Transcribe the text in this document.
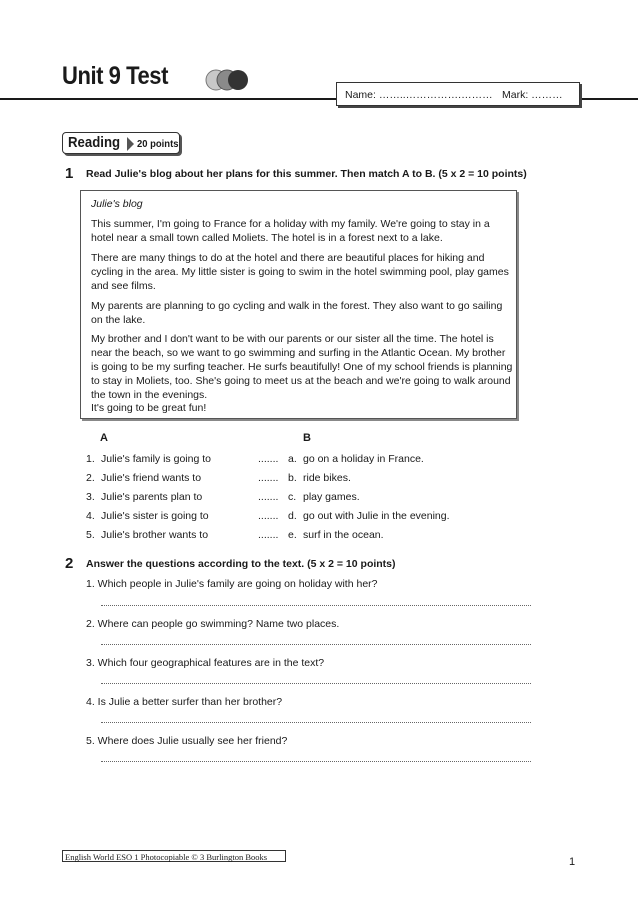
Unit 9 Test
Name: ……..…………….……… Mark: ………
Reading 20 points
1 Read Julie's blog about her plans for this summer. Then match A to B. (5 x 2 = 10 points)
Julie's blog
This summer, I'm going to France for a holiday with my family. We're going to stay in a hotel near a small town called Moliets. The hotel is in a forest next to a lake.
There are many things to do at the hotel and there are beautiful places for hiking and cycling in the area. My little sister is going to swim in the hotel swimming pool, play games and see films.
My parents are planning to go cycling and walk in the forest. They also want to go sailing on the lake.
My brother and I don't want to be with our parents or our sister all the time. The hotel is near the beach, so we want to go swimming and surfing in the Atlantic Ocean. My brother is going to be my surfing teacher. He surfs beautifully! One of my school friends is planning to stay in Moliets, too. She's going to meet us at the beach and we're going to walk around the town in the evenings.
It's going to be great fun!
A	B
1. Julie's family is going to	....... a. go on a holiday in France.
2. Julie's friend wants to	....... b. ride bikes.
3. Julie's parents plan to	....... c. play games.
4. Julie's sister is going to	....... d. go out with Julie in the evening.
5. Julie's brother wants to	....... e. surf in the ocean.
2 Answer the questions according to the text. (5 x 2 = 10 points)
1. Which people in Julie's family are going on holiday with her?
2. Where can people go swimming? Name two places.
3. Which four geographical features are in the text?
4. Is Julie a better surfer than her brother?
5. Where does Julie usually see her friend?
English World ESO 1 Photocopiable © 3 Burlington Books	1
